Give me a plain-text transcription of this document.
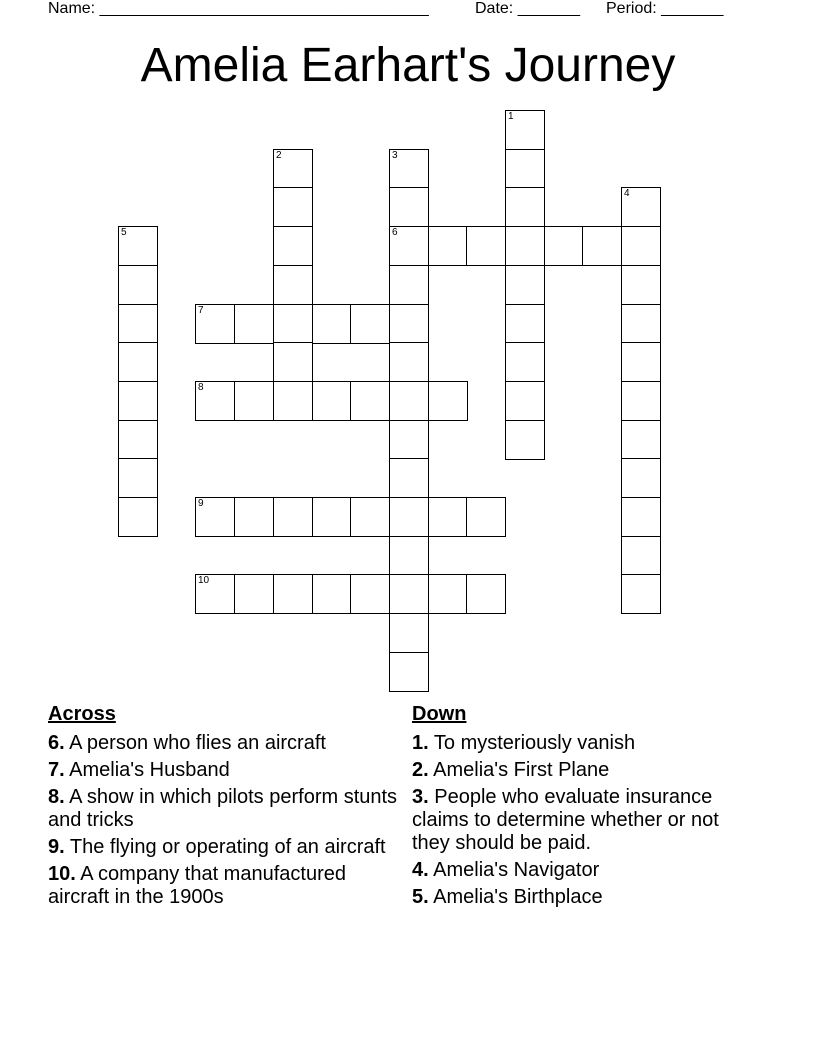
Name: _____________________________________	Date: _______ Period: _______
Amelia Earhart's Journey
1
2	3
6
4
5
7
8
9
10
Across
6. A person who flies an aircraft
7. Amelia's Husband
8. A show in which pilots perform stunts and tricks
9. The flying or operating of an aircraft
10. A company that manufactured aircraft in the 1900s
Down
1. To mysteriously vanish
2. Amelia's First Plane
3. People who evaluate insurance claims to determine whether or not they should be paid.
4. Amelia's Navigator
5. Amelia's Birthplace
